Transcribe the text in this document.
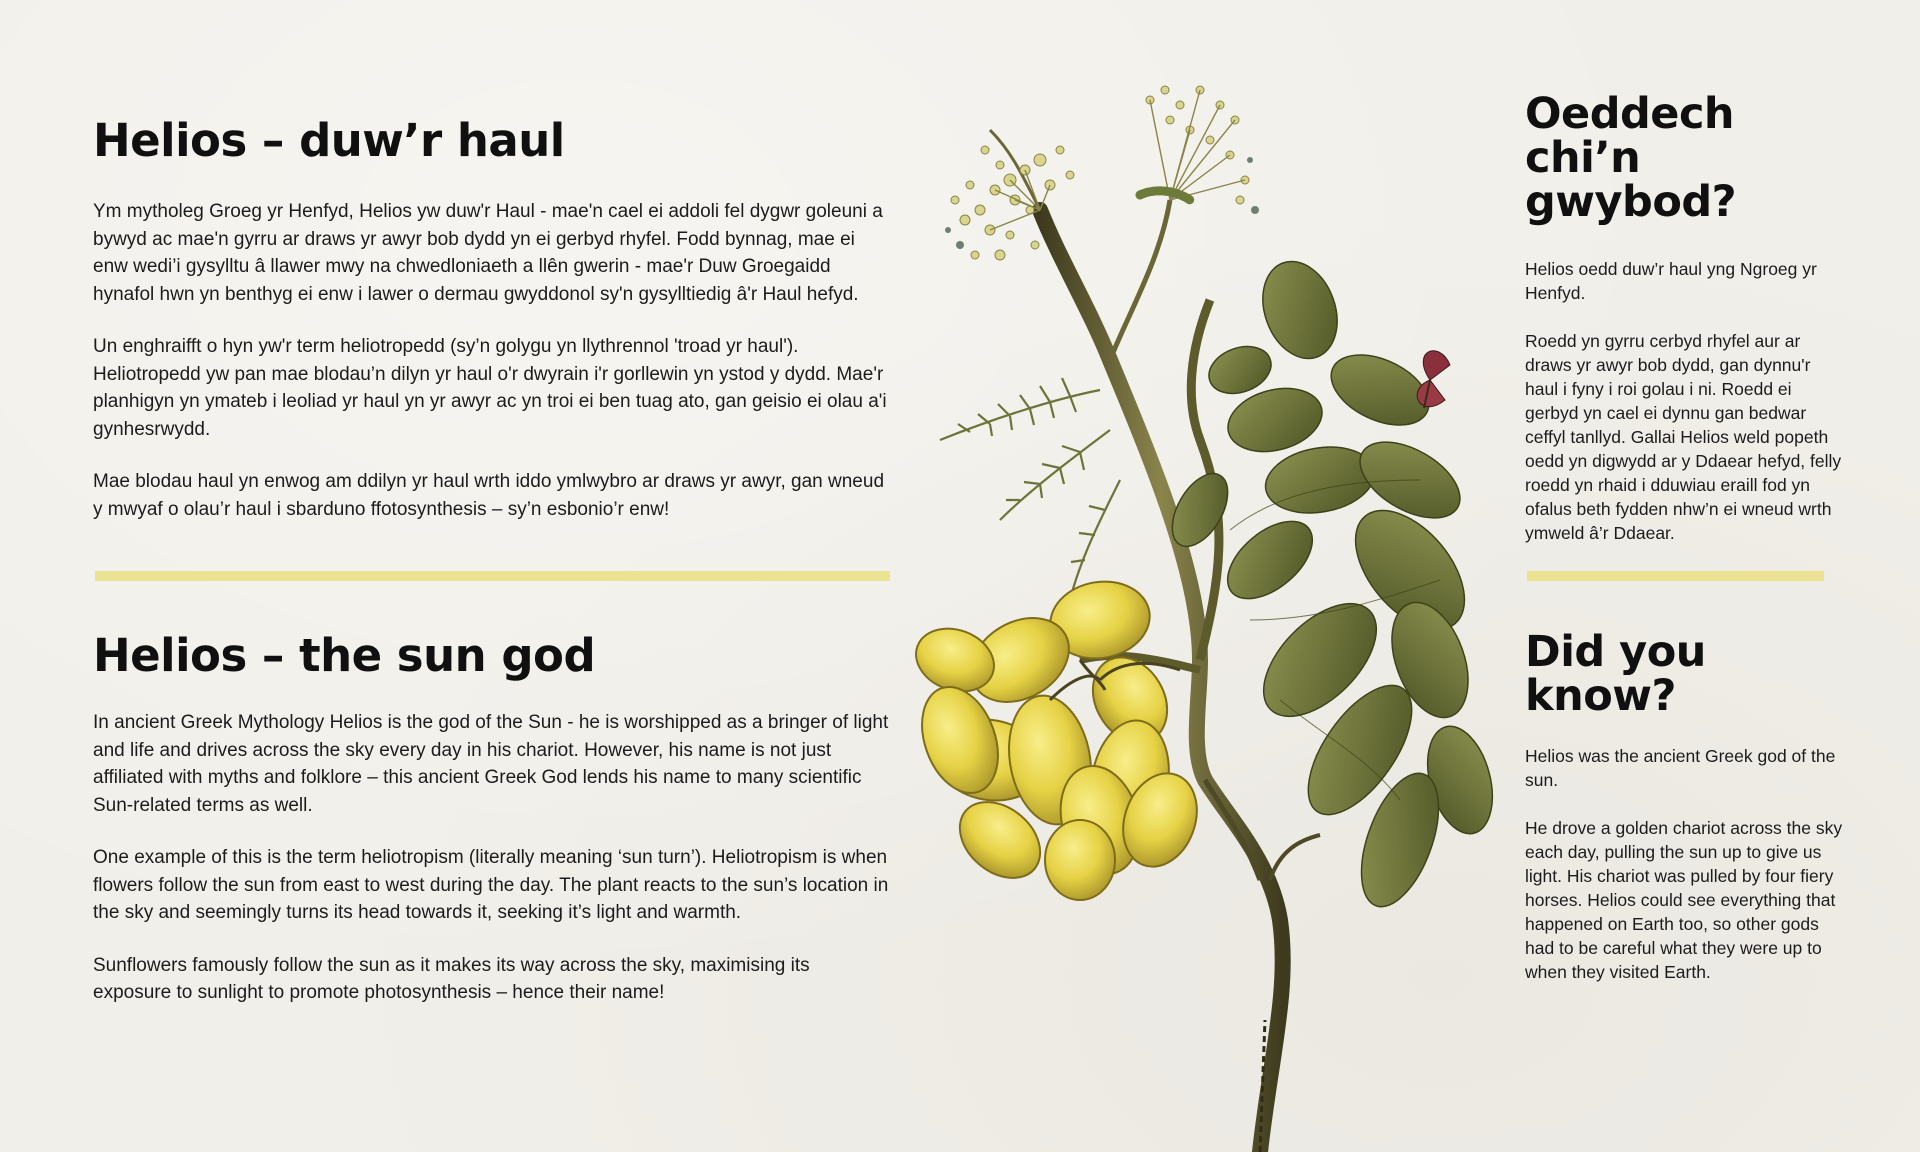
Helios – duw’r haul

Ym mytholeg Groeg yr Henfyd, Helios yw duw'r Haul - mae'n cael ei addoli fel dygwr goleuni a bywyd ac mae'n gyrru ar draws yr awyr bob dydd yn ei gerbyd rhyfel. Fodd bynnag, mae ei enw wedi’i gysylltu â llawer mwy na chwedloniaeth a llên gwerin - mae'r Duw Groegaidd hynafol hwn yn benthyg ei enw i lawer o dermau gwyddonol sy'n gysylltiedig â'r Haul hefyd.

Un enghraifft o hyn yw'r term heliotropedd (sy’n golygu yn llythrennol 'troad yr haul'). Heliotropedd yw pan mae blodau’n dilyn yr haul o'r dwyrain i'r gorllewin yn ystod y dydd. Mae'r planhigyn yn ymateb i leoliad yr haul yn yr awyr ac yn troi ei ben tuag ato, gan geisio ei olau a'i gynhesrwydd.

Mae blodau haul yn enwog am ddilyn yr haul wrth iddo ymlwybro ar draws yr awyr, gan wneud y mwyaf o olau’r haul i sbarduno ffotosynthesis – sy’n esbonio’r enw!

Helios – the sun god

In ancient Greek Mythology Helios is the god of the Sun - he is worshipped as a bringer of light and life and drives across the sky every day in his chariot. However, his name is not just affiliated with myths and folklore – this ancient Greek God lends his name to many scientific Sun-related terms as well.

One example of this is the term heliotropism (literally meaning ‘sun turn’). Heliotropism is when flowers follow the sun from east to west during the day. The plant reacts to the sun’s location in the sky and seemingly turns its head towards it, seeking it’s light and warmth.

Sunflowers famously follow the sun as it makes its way across the sky, maximising its exposure to sunlight to promote photosynthesis – hence their name!

Oeddech chi’n gwybod?

Helios oedd duw’r haul yng Ngroeg yr Henfyd.

Roedd yn gyrru cerbyd rhyfel aur ar draws yr awyr bob dydd, gan dynnu'r haul i fyny i roi golau i ni. Roedd ei gerbyd yn cael ei dynnu gan bedwar ceffyl tanllyd. Gallai Helios weld popeth oedd yn digwydd ar y Ddaear hefyd, felly roedd yn rhaid i dduwiau eraill fod yn ofalus beth fydden nhw’n ei wneud wrth ymweld â’r Ddaear.

Did you know?

Helios was the ancient Greek god of the sun.

He drove a golden chariot across the sky each day, pulling the sun up to give us light. His chariot was pulled by four fiery horses. Helios could see everything that happened on Earth too, so other gods had to be careful what they were up to when they visited Earth.
